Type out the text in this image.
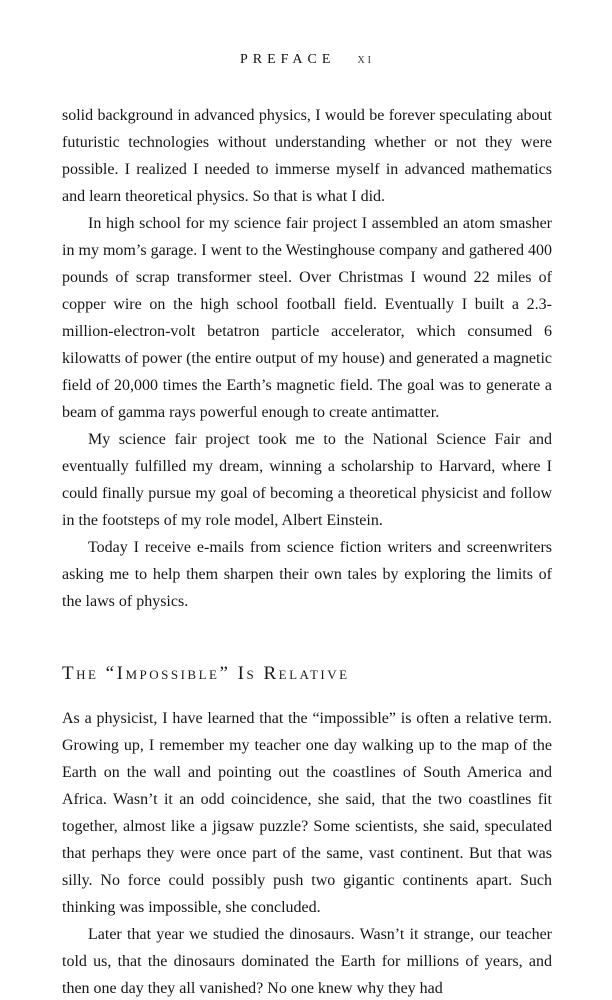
PREFACE XI

solid background in advanced physics, I would be forever speculating about futuristic technologies without understanding whether or not they were possible. I realized I needed to immerse myself in advanced mathematics and learn theoretical physics. So that is what I did.

In high school for my science fair project I assembled an atom smasher in my mom’s garage. I went to the Westinghouse company and gathered 400 pounds of scrap transformer steel. Over Christmas I wound 22 miles of copper wire on the high school football field. Eventually I built a 2.3-million-electron-volt betatron particle accelerator, which consumed 6 kilowatts of power (the entire output of my house) and generated a magnetic field of 20,000 times the Earth’s magnetic field. The goal was to generate a beam of gamma rays powerful enough to create antimatter.

My science fair project took me to the National Science Fair and eventually fulfilled my dream, winning a scholarship to Harvard, where I could finally pursue my goal of becoming a theoretical physicist and follow in the footsteps of my role model, Albert Einstein.

Today I receive e-mails from science fiction writers and screenwriters asking me to help them sharpen their own tales by exploring the limits of the laws of physics.

The “Impossible” Is Relative

As a physicist, I have learned that the “impossible” is often a relative term. Growing up, I remember my teacher one day walking up to the map of the Earth on the wall and pointing out the coastlines of South America and Africa. Wasn’t it an odd coincidence, she said, that the two coastlines fit together, almost like a jigsaw puzzle? Some scientists, she said, speculated that perhaps they were once part of the same, vast continent. But that was silly. No force could possibly push two gigantic continents apart. Such thinking was impossible, she concluded.

Later that year we studied the dinosaurs. Wasn’t it strange, our teacher told us, that the dinosaurs dominated the Earth for millions of years, and then one day they all vanished? No one knew why they had
